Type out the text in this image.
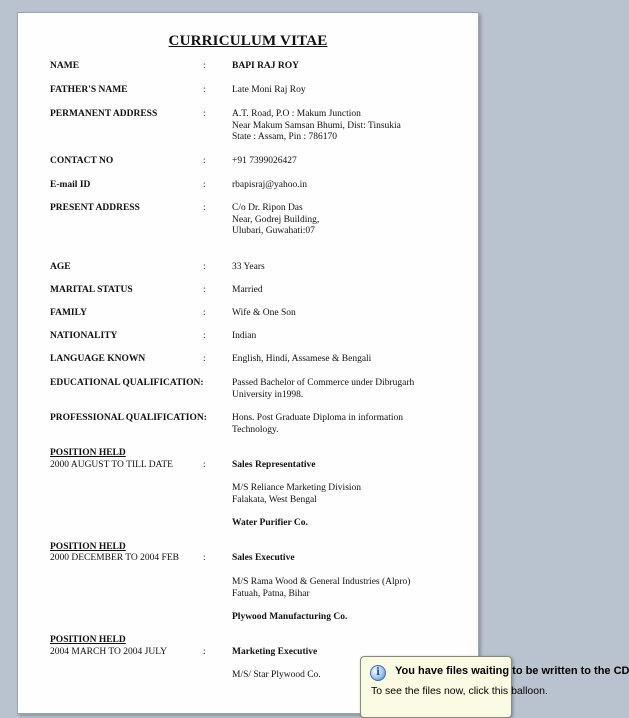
CURRICULUM VITAE
NAME	:	BAPI RAJ ROY
FATHER'S NAME	:	Late Moni Raj Roy
PERMANENT ADDRESS	:	A.T. Road, P.O : Makum Junction
Near Makum Samsan Bhumi, Dist: Tinsukia
State : Assam, Pin : 786170
CONTACT NO	:	+91 7399026427
E-mail ID	:	rbapisraj@yahoo.in
PRESENT ADDRESS	:	C/o Dr. Ripon Das
Near, Godrej Building,
Ulubari, Guwahati:07
AGE	:	33 Years
MARITAL STATUS	:	Married
FAMILY	:	Wife & One Son
NATIONALITY	:	Indian
LANGUAGE KNOWN	:	English, Hindi, Assamese & Bengali
EDUCATIONAL QUALIFICATION:	Passed Bachelor of Commerce under Dibrugarh
University in1998.
PROFESSIONAL QUALIFICATION:	Hons. Post Graduate Diploma in information
Technology.
POSITION HELD
2000 AUGUST TO TILL DATE	:	Sales Representative
M/S Reliance Marketing Division
Falakata, West Bengal
Water Purifier Co.
POSITION HELD
2000 DECEMBER TO 2004 FEB	:	Sales Executive
M/S Rama Wood & General Industries (Alpro)
Fatuah, Patna, Bihar
Plywood Manufacturing Co.
POSITION HELD
2004 MARCH TO 2004 JULY	:	Marketing Executive
M/S/ Star Plywood Co.	i	You have files waiting to be written to the CD
To see the files now, click this balloon.
